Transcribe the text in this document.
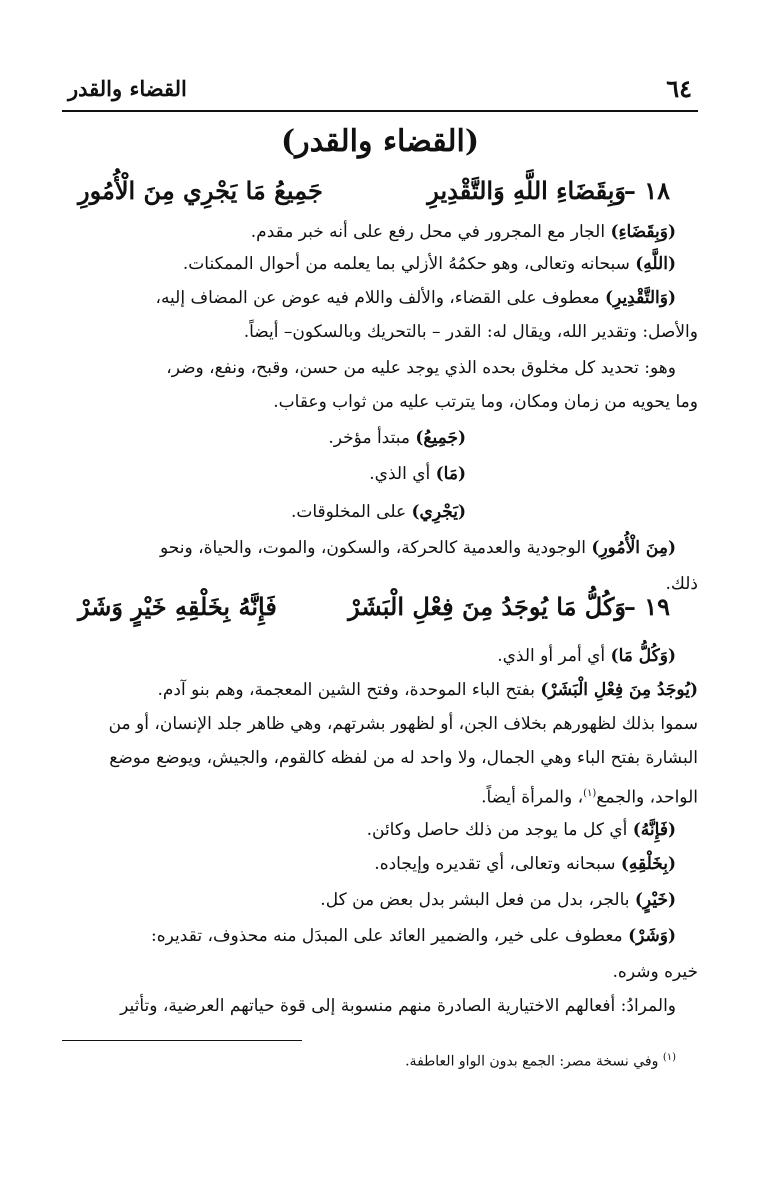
٦٤
القضاء والقدر
(القضاء والقدر)
١٨ –
وَبِقَضَاءِ اللَّهِ وَالتَّقْدِيرِ
جَمِيعُ مَا يَجْرِي مِنَ الْأُمُورِ
(وَبِقَضَاءِ) الجار مع المجرور في محل رفع على أنه خبر مقدم.
(اللَّهِ) سبحانه وتعالى، وهو حكمُهُ الأزلي بما يعلمه من أحوال الممكنات.
(وَالتَّقْدِيرِ) معطوف على القضاء، والألف واللام فيه عوض عن المضاف إليه،
والأصل: وتقدير الله، ويقال له: القدر – بالتحريك وبالسكون– أيضاً.
وهو: تحديد كل مخلوق بحده الذي يوجد عليه من حسن، وقبح، ونفع، وضر،
وما يحويه من زمان ومكان، وما يترتب عليه من ثواب وعقاب.
(جَمِيعُ) مبتدأ مؤخر.
(مَا) أي الذي.
(يَجْرِي) على المخلوقات.
(مِنَ الْأُمُورِ) الوجودية والعدمية كالحركة، والسكون، والموت، والحياة، ونحو
ذلك.
١٩ –
وَكُلُّ مَا يُوجَدُ مِنَ فِعْلِ الْبَشَرْ
فَإِنَّهُ بِخَلْقِهِ خَيْرٍ وَشَرْ
(وَكُلُّ مَا) أي أمر أو الذي.
(يُوجَدُ مِنَ فِعْلِ الْبَشَرْ) بفتح الباء الموحدة، وفتح الشين المعجمة، وهم بنو آدم.
سموا بذلك لظهورهم بخلاف الجن، أو لظهور بشرتهم، وهي ظاهر جلد الإنسان، أو من
البشارة بفتح الباء وهي الجمال، ولا واحد له من لفظه كالقوم، والجيش، ويوضع موضع
الواحد، والجمع$^{(١)}$، والمرأة أيضاً.
(فَإِنَّهُ) أي كل ما يوجد من ذلك حاصل وكائن.
(بِخَلْقِهِ) سبحانه وتعالى، أي تقديره وإيجاده.
(خَيْرٍ) بالجر، بدل من فعل البشر بدل بعض من كل.
(وَشَرْ) معطوف على خير، والضمير العائد على المبدَل منه محذوف، تقديره:
خيره وشره.
والمرادُ: أفعالهم الاختيارية الصادرة منهم منسوبة إلى قوة حياتهم العرضية، وتأثير
$^{(١)}$ وفي نسخة مصر: الجمع بدون الواو العاطفة.
